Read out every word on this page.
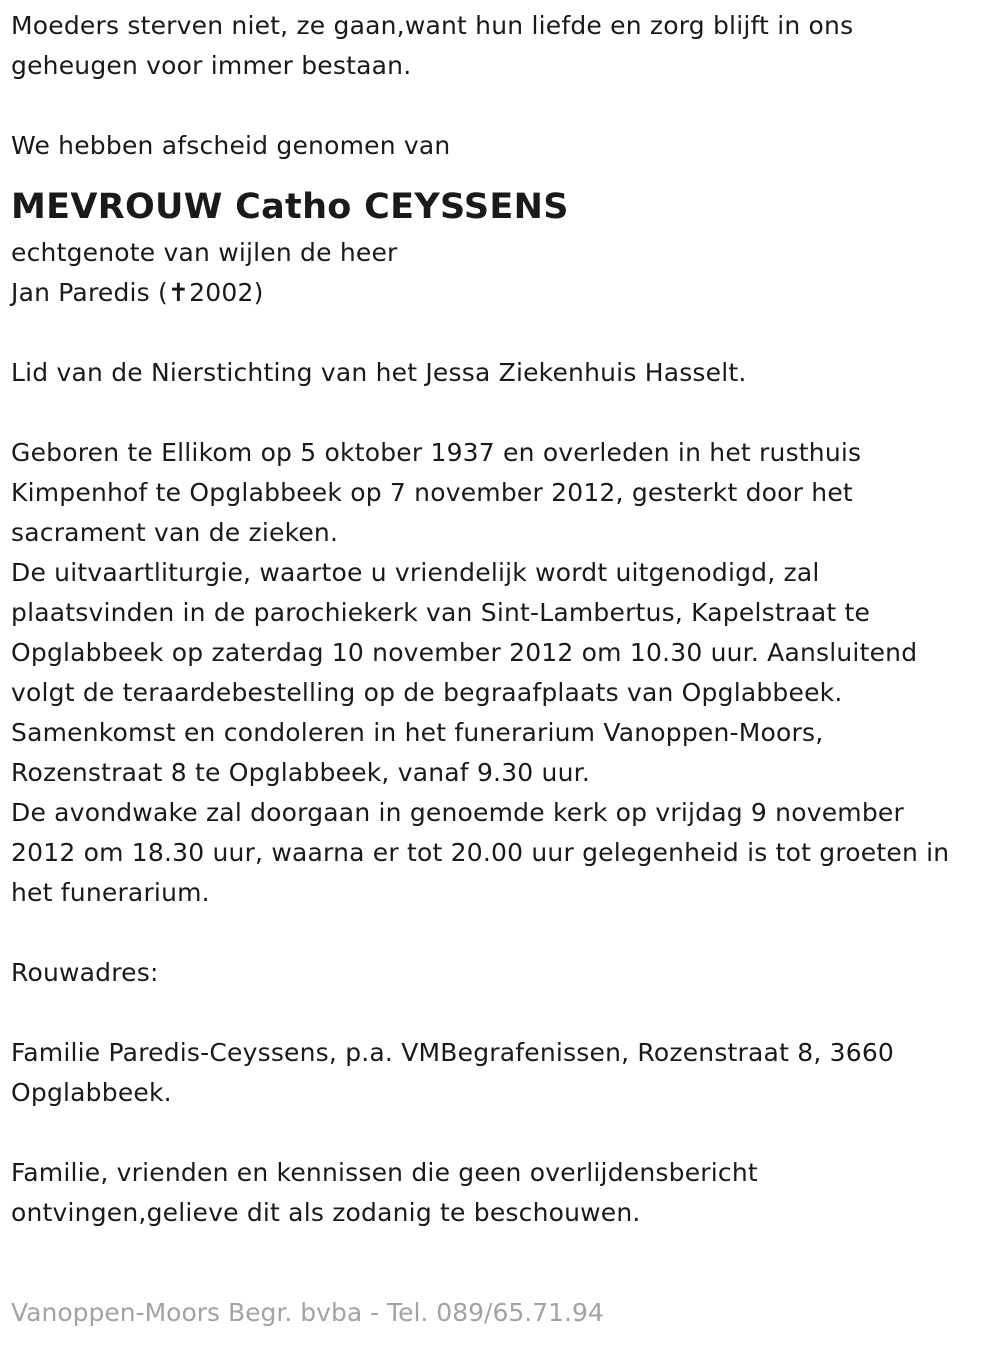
Moeders sterven niet, ze gaan,want hun liefde en zorg blijft in ons
geheugen voor immer bestaan.

We hebben afscheid genomen van

MEVROUW Catho CEYSSENS

echtgenote van wijlen de heer
Jan Paredis (✝2002)

Lid van de Nierstichting van het Jessa Ziekenhuis Hasselt.

Geboren te Ellikom op 5 oktober 1937 en overleden in het rusthuis
Kimpenhof te Opglabbeek op 7 november 2012, gesterkt door het
sacrament van de zieken.
De uitvaartliturgie, waartoe u vriendelijk wordt uitgenodigd, zal
plaatsvinden in de parochiekerk van Sint-Lambertus, Kapelstraat te
Opglabbeek op zaterdag 10 november 2012 om 10.30 uur. Aansluitend
volgt de teraardebestelling op de begraafplaats van Opglabbeek.
Samenkomst en condoleren in het funerarium Vanoppen-Moors,
Rozenstraat 8 te Opglabbeek, vanaf 9.30 uur.
De avondwake zal doorgaan in genoemde kerk op vrijdag 9 november
2012 om 18.30 uur, waarna er tot 20.00 uur gelegenheid is tot groeten in
het funerarium.

Rouwadres:

Familie Paredis-Ceyssens, p.a. VMBegrafenissen, Rozenstraat 8, 3660
Opglabbeek.

Familie, vrienden en kennissen die geen overlijdensbericht
ontvingen,gelieve dit als zodanig te beschouwen.

Vanoppen-Moors Begr. bvba - Tel. 089/65.71.94
